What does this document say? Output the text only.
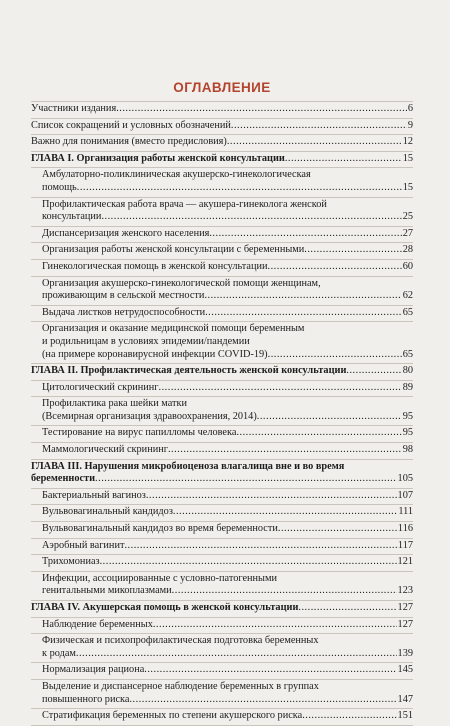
ОГЛАВЛЕНИЕ
Участники издания .....	6
Список сокращений и условных обозначений .....	9
Важно для понимания (вместо предисловия) .....	12
ГЛАВА I. Организация работы женской консультации .....	15
Амбулаторно-поликлиническая акушерско-гинекологическая
помощь .....	15
Профилактическая работа врача — акушера-гинеколога женской
консультации .....	25
Диспансеризация женского населения .....	27
Организация работы женской консультации с беременными .....	28
Гинекологическая помощь в женской консультации .....	60
Организация акушерско-гинекологической помощи женщинам,
проживающим в сельской местности .....	62
Выдача листков нетрудоспособности .....	65
Организация и оказание медицинской помощи беременным
и родильницам в условиях эпидемии/пандемии
(на примере коронавирусной инфекции COVID-19) .....	65
ГЛАВА II. Профилактическая деятельность женской консультации .....	80
Цитологический скрининг .....	89
Профилактика рака шейки матки
(Всемирная организация здравоохранения, 2014) .....	95
Тестирование на вирус папилломы человека .....	95
Маммологический скрининг .....	98
ГЛАВА III. Нарушения микробиоценоза влагалища вне и во время
беременности .....	105
Бактериальный вагиноз .....	107
Вульвовагинальный кандидоз .....	111
Вульвовагинальный кандидоз во время беременности .....	116
Аэробный вагинит .....	117
Трихомониаз .....	121
Инфекции, ассоциированные с условно-патогенными
генитальными микоплазмами .....	123
ГЛАВА IV. Акушерская помощь в женской консультации .....	127
Наблюдение беременных .....	127
Физическая и психопрофилактическая подготовка беременных
к родам .....	139
Нормализация рациона .....	145
Выделение и диспансерное наблюдение беременных в группах
повышенного риска .....	147
Стратификация беременных по степени акушерского риска .....	151
